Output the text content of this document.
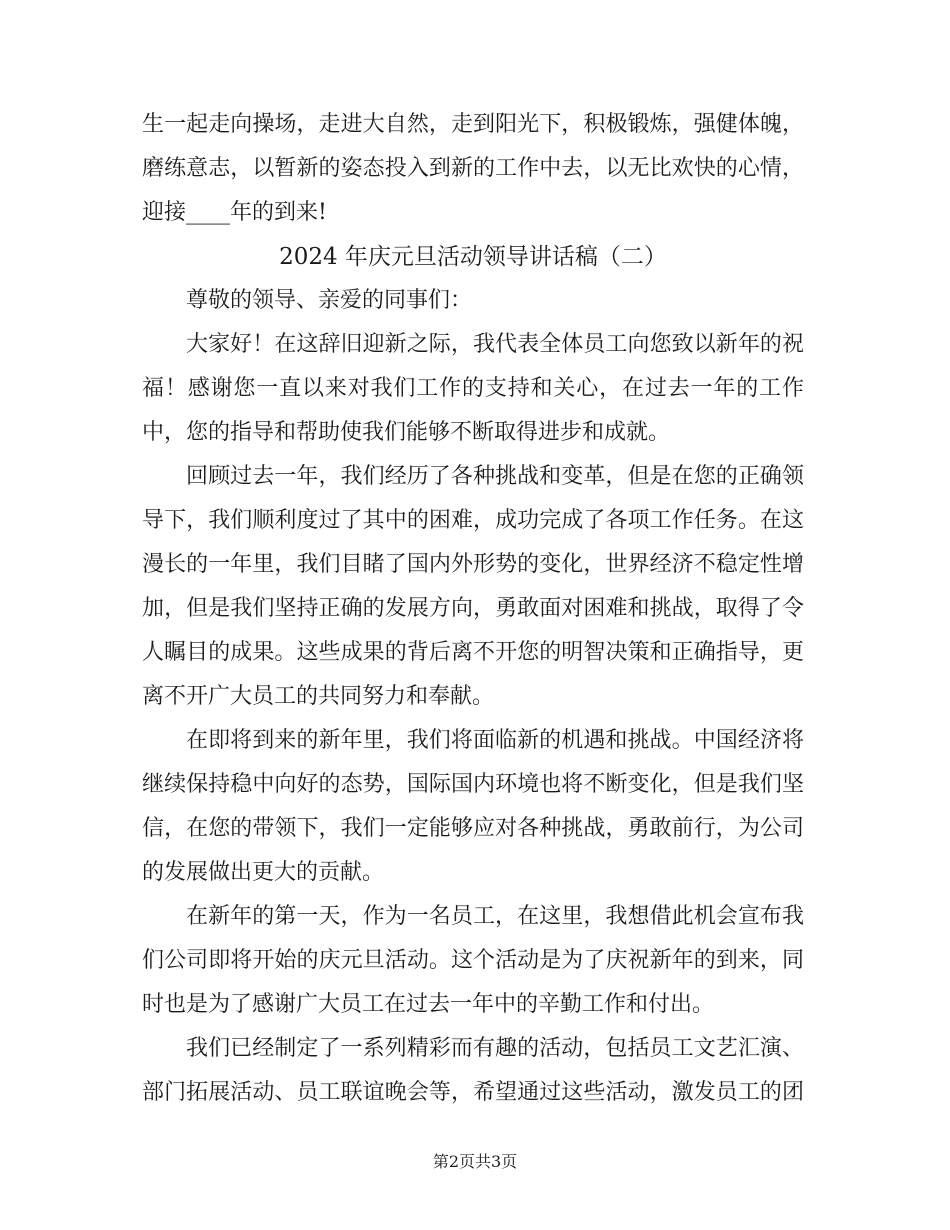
生一起走向操场，走进大自然，走到阳光下，积极锻炼，强健体魄，
磨练意志，以暂新的姿态投入到新的工作中去，以无比欢快的心情，
迎接____年的到来!
2024 年庆元旦活动领导讲话稿（二）
尊敬的领导、亲爱的同事们：
大家好！在这辞旧迎新之际，我代表全体员工向您致以新年的祝
福！感谢您一直以来对我们工作的支持和关心，在过去一年的工作
中，您的指导和帮助使我们能够不断取得进步和成就。
回顾过去一年，我们经历了各种挑战和变革，但是在您的正确领
导下，我们顺利度过了其中的困难，成功完成了各项工作任务。在这
漫长的一年里，我们目睹了国内外形势的变化，世界经济不稳定性增
加，但是我们坚持正确的发展方向，勇敢面对困难和挑战，取得了令
人瞩目的成果。这些成果的背后离不开您的明智决策和正确指导，更
离不开广大员工的共同努力和奉献。
在即将到来的新年里，我们将面临新的机遇和挑战。中国经济将
继续保持稳中向好的态势，国际国内环境也将不断变化，但是我们坚
信，在您的带领下，我们一定能够应对各种挑战，勇敢前行，为公司
的发展做出更大的贡献。
在新年的第一天，作为一名员工，在这里，我想借此机会宣布我
们公司即将开始的庆元旦活动。这个活动是为了庆祝新年的到来，同
时也是为了感谢广大员工在过去一年中的辛勤工作和付出。
我们已经制定了一系列精彩而有趣的活动，包括员工文艺汇演、
部门拓展活动、员工联谊晚会等，希望通过这些活动，激发员工的团
第2页共3页
